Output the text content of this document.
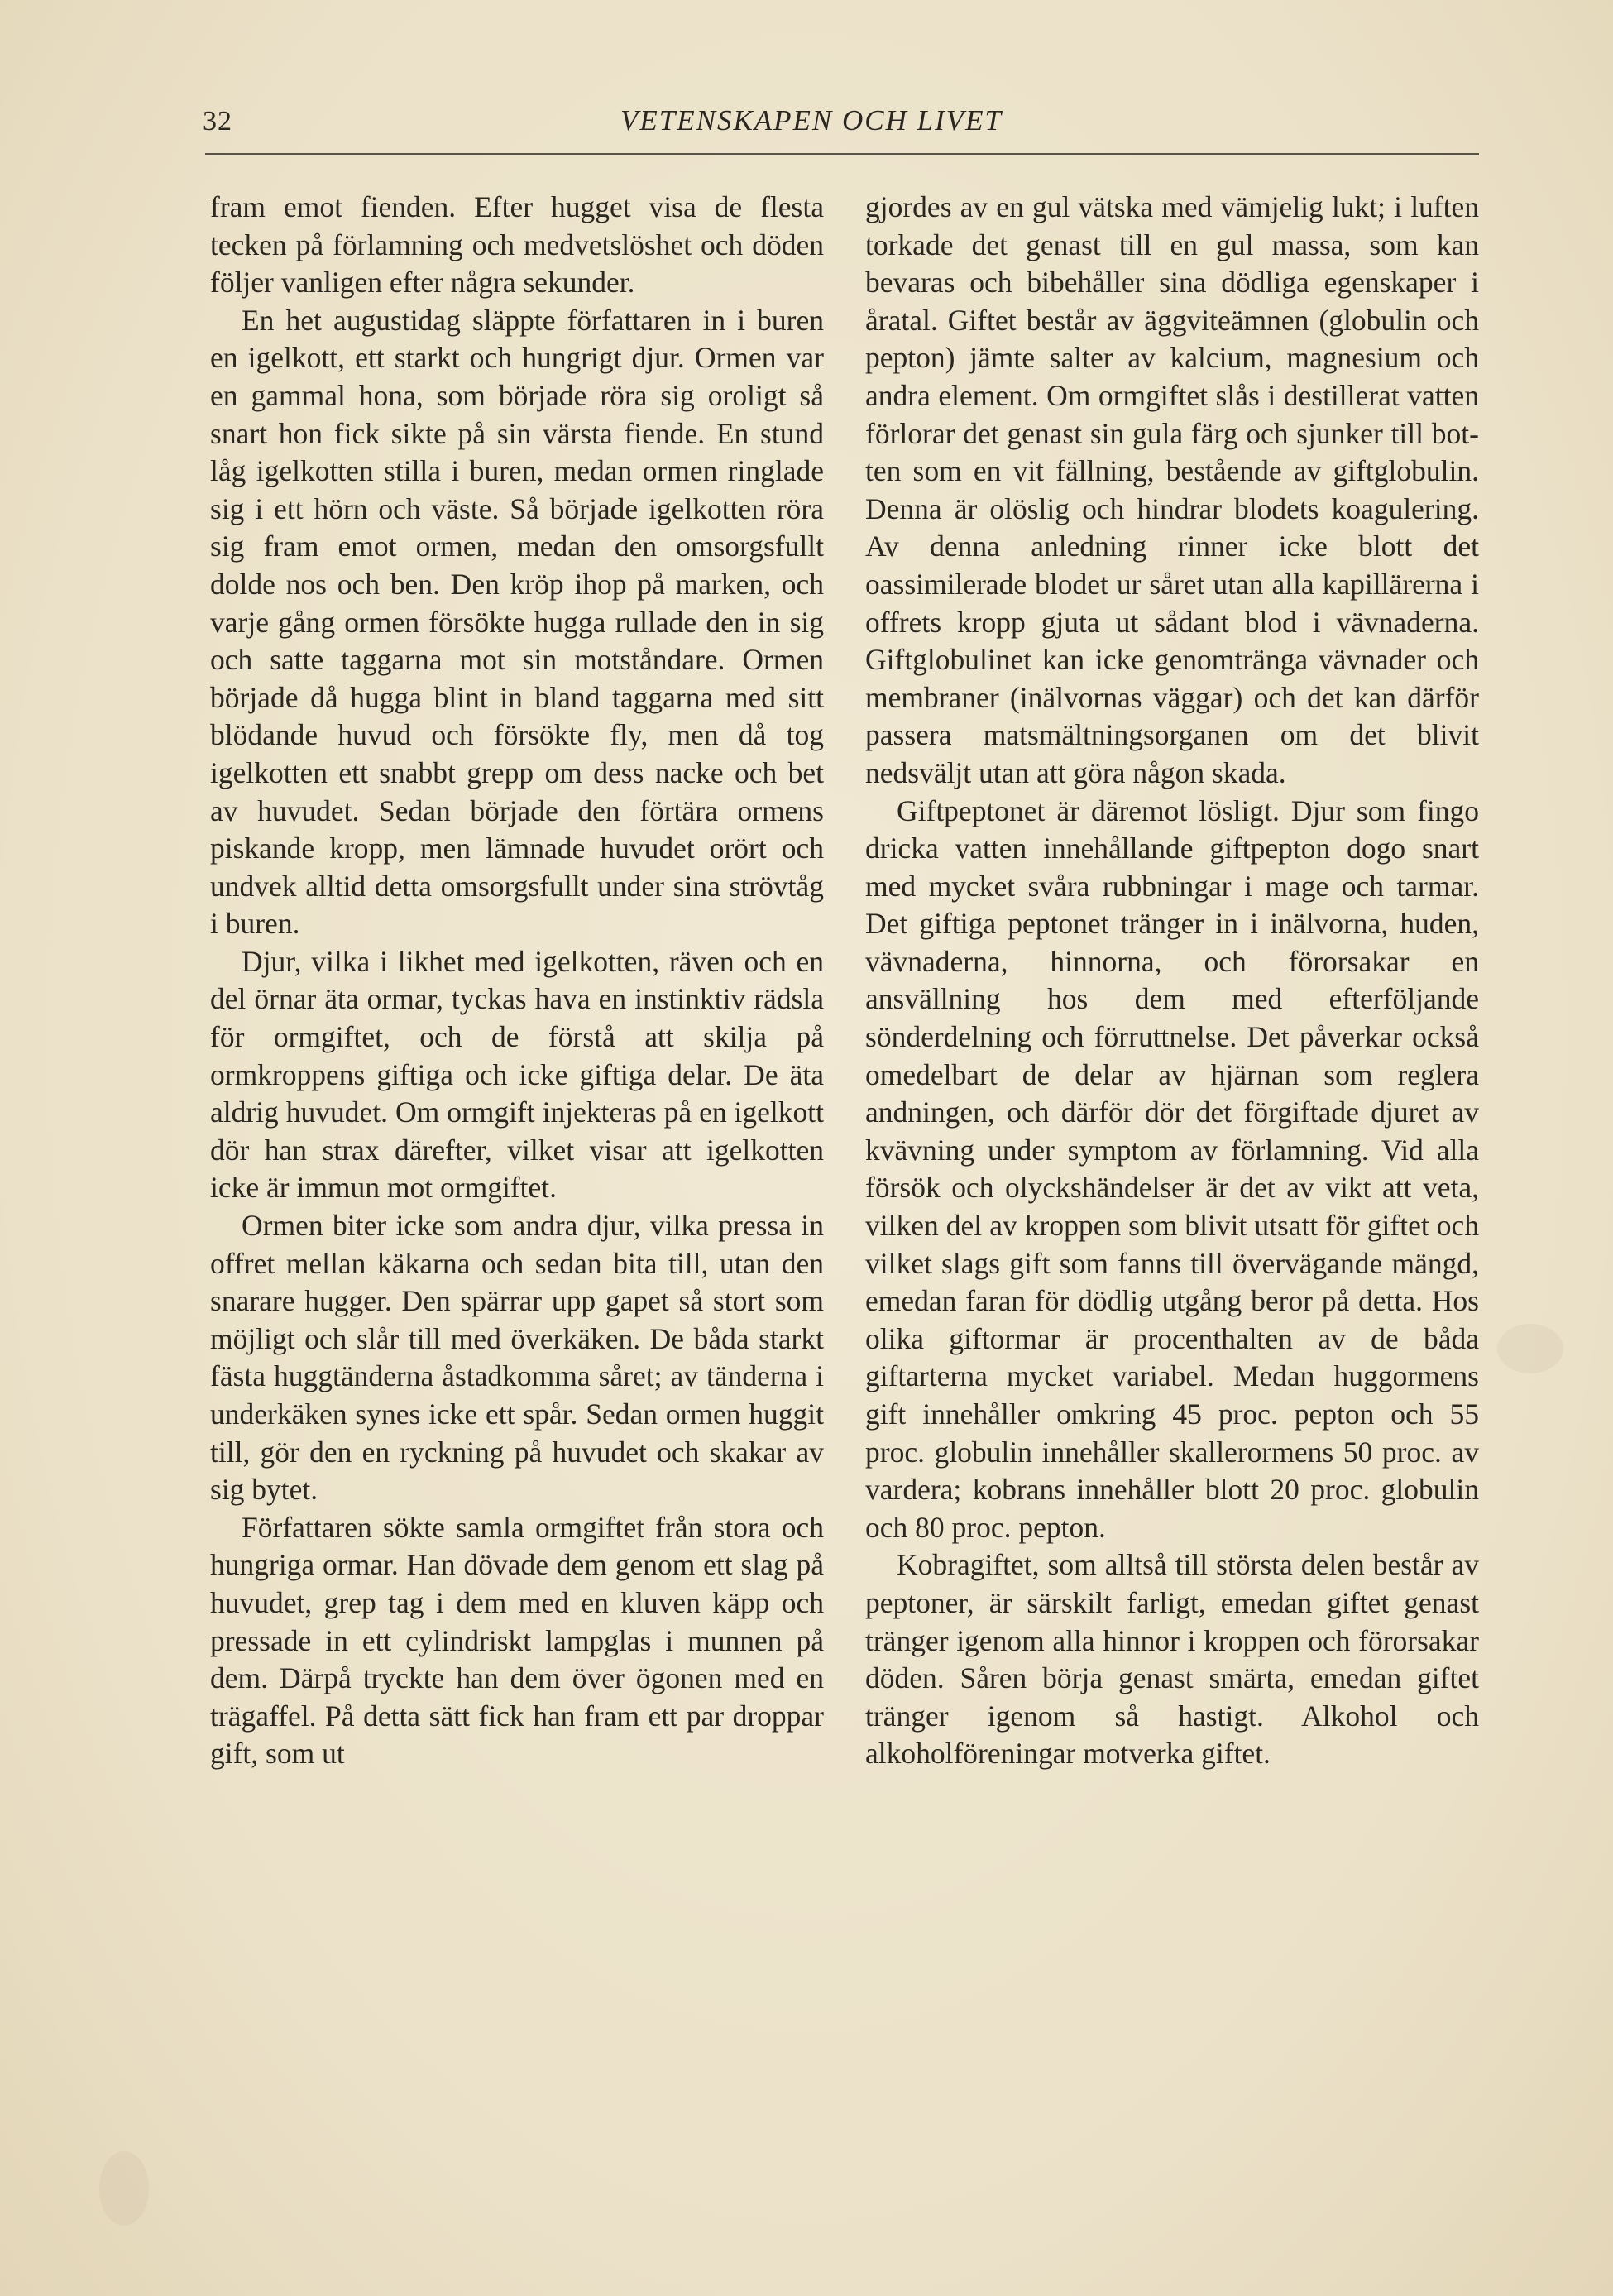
32	VETENSKAPEN OCH LIVET

fram emot fienden. Efter hugget visa de flesta tecken på förlamning och medvetslöshet och döden följer vanligen efter några sekunder.

En het augustidag släppte författaren in i buren en igelkott, ett starkt och hungrigt djur. Ormen var en gammal hona, som började röra sig oroligt så snart hon fick sikte på sin värsta fiende. En stund låg igelkotten stilla i buren, medan ormen ringlade sig i ett hörn och väste. Så började igelkotten röra sig fram emot ormen, medan den omsorgsfullt dolde nos och ben. Den kröp ihop på marken, och varje gång ormen försökte hugga rullade den in sig och satte taggarna mot sin motståndare. Ormen började då hugga blint in bland taggarna med sitt blödande huvud och försökte fly, men då tog igelkotten ett snabbt grepp om dess nacke och bet av huvudet. Sedan började den förtära ormens piskande kropp, men lämnade huvudet orört och undvek alltid detta omsorgsfullt under sina strövtåg i buren.

Djur, vilka i likhet med igelkotten, räven och en del örnar äta ormar, tyckas hava en instinktiv rädsla för ormgiftet, och de förstå att skilja på ormkroppens giftiga och icke giftiga delar. De äta aldrig huvudet. Om ormgift injekteras på en igelkott dör han strax därefter, vilket visar att igelkotten icke är immun mot ormgiftet.

Ormen biter icke som andra djur, vilka pressa in offret mellan käkarna och sedan bita till, utan den snarare hugger. Den spärrar upp gapet så stort som möjligt och slår till med överkäken. De båda starkt fästa huggtänderna åstadkomma såret; av tänderna i underkäken synes icke ett spår. Sedan ormen huggit till, gör den en ryckning på huvudet och skakar av sig bytet.

Författaren sökte samla ormgiftet från stora och hungriga ormar. Han dövade dem genom ett slag på huvudet, grep tag i dem med en kluven käpp och pressade in ett cylindriskt lampglas i munnen på dem. Därpå tryckte han dem över ögonen med en trägaffel. På detta sätt fick han fram ett par droppar gift, som ut

gjordes av en gul vätska med vämjelig lukt; i luften torkade det genast till en gul massa, som kan bevaras och bibehåller sina dödliga egenskaper i åratal. Giftet består av äggviteämnen (globulin och pepton) jämte salter av kalcium, magnesium och andra element. Om ormgiftet slås i destillerat vatten förlorar det genast sin gula färg och sjunker till botten som en vit fällning, bestående av giftglobulin. Denna är olöslig och hindrar blodets koagulering. Av denna anledning rinner icke blott det oassimilerade blodet ur såret utan alla kapillärerna i offrets kropp gjuta ut sådant blod i vävnaderna. Giftglobulinet kan icke genomtränga vävnader och membraner (inälvornas väggar) och det kan därför passera matsmältningsorganen om det blivit nedsväljt utan att göra någon skada.

Giftpeptonet är däremot lösligt. Djur som fingo dricka vatten innehållande giftpepton dogo snart med mycket svåra rubbningar i mage och tarmar. Det giftiga peptonet tränger in i inälvorna, huden, vävnaderna, hinnorna, och förorsakar en ansvällning hos dem med efterföljande sönderdelning och förruttnelse. Det påverkar också omedelbart de delar av hjärnan som reglera andningen, och därför dör det förgiftade djuret av kvävning under symptom av förlamning. Vid alla försök och olyckshändelser är det av vikt att veta, vilken del av kroppen som blivit utsatt för giftet och vilket slags gift som fanns till övervägande mängd, emedan faran för dödlig utgång beror på detta. Hos olika giftormar är procenthalten av de båda giftarterna mycket variabel. Medan huggormens gift innehåller omkring 45 proc. pepton och 55 proc. globulin innehåller skallerormens 50 proc. av vardera; kobrans innehåller blott 20 proc. globulin och 80 proc. pepton.

Kobragiftet, som alltså till största delen består av peptoner, är särskilt farligt, emedan giftet genast tränger igenom alla hinnor i kroppen och förorsakar döden. Såren börja genast smärta, emedan giftet tränger igenom så hastigt. Alkohol och alkoholföreningar motverka giftet.
